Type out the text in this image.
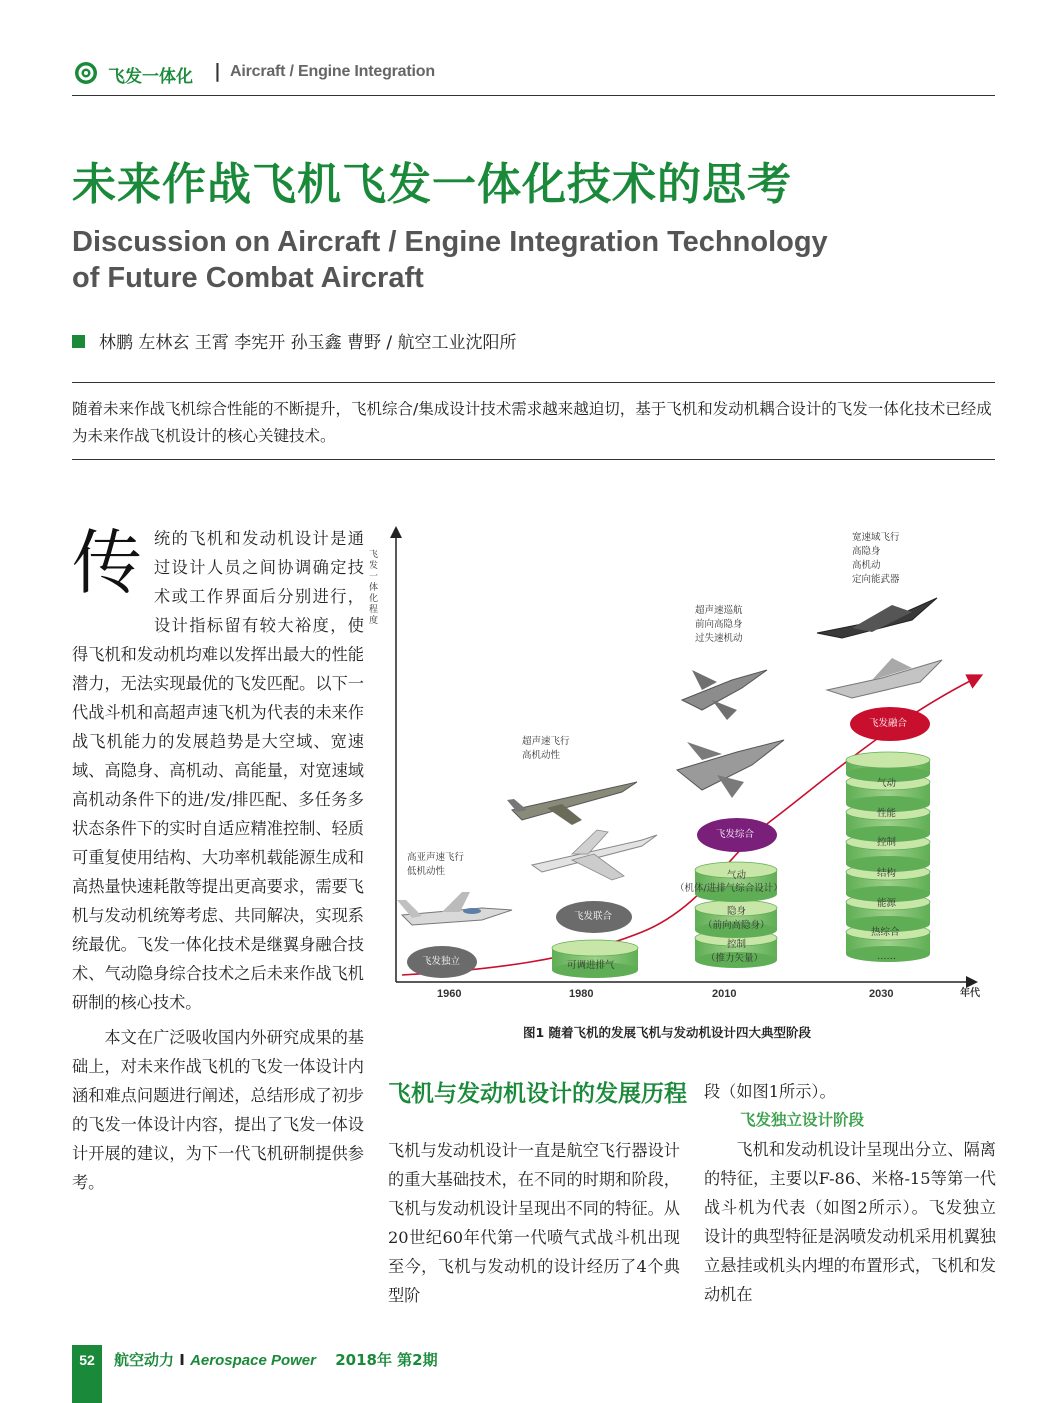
飞发一体化 | Aircraft / Engine Integration
未来作战飞机飞发一体化技术的思考
Discussion on Aircraft / Engine Integration Technology
of Future Combat Aircraft
林鹏 左林玄 王霄 李宪开 孙玉鑫 曹野 / 航空工业沈阳所
随着未来作战飞机综合性能的不断提升，飞机综合/集成设计技术需求越来越迫切，基于飞机和发动机耦合设计的飞发一体化技术已经成为未来作战飞机设计的核心关键技术。

传统的飞机和发动机设计是通过设计人员之间协调确定技术或工作界面后分别进行，设计指标留有较大裕度，使得飞机和发动机均难以发挥出最大的性能潜力，无法实现最优的飞发匹配。以下一代战斗机和高超声速飞机为代表的未来作战飞机能力的发展趋势是大空域、宽速域、高隐身、高机动、高能量，对宽速域高机动条件下的进/发/排匹配、多任务多状态条件下的实时自适应精准控制、轻质可重复使用结构、大功率机载能源生成和高热量快速耗散等提出更高要求，需要飞机与发动机统筹考虑、共同解决，实现系统最优。飞发一体化技术是继翼身融合技术、气动隐身综合技术之后未来作战飞机研制的核心技术。

本文在广泛吸收国内外研究成果的基础上，对未来作战飞机的飞发一体设计内涵和难点问题进行阐述，总结形成了初步的飞发一体设计内容，提出了飞发一体设计开展的建议，为下一代飞机研制提供参考。

飞机与发动机设计的发展历程

飞机与发动机设计一直是航空飞行器设计的重大基础技术，在不同的时期和阶段，飞机与发动机设计呈现出不同的特征。从20世纪60年代第一代喷气式战斗机出现至今，飞机与发动机的设计经历了4个典型阶

段（如图1所示）。

飞发独立设计阶段

飞机和发动机设计呈现出分立、隔离的特征，主要以F-86、米格-15等第一代战斗机为代表（如图2所示）。飞发独立设计的典型特征是涡喷发动机采用机翼独立悬挂或机头内埋的布置形式，飞机和发动机在

飞发一体化程度
年代
1960	1980	2010	2030
高亚声速飞行
低机动性
飞发独立
超声速飞行
高机动性
飞发联合
可调进排气
超声速巡航
前向高隐身
过失速机动
飞发综合
气动
（机体/进排气综合设计）
隐身
（前向高隐身）
控制
（推力矢量）
宽速域飞行
高隐身
高机动
定向能武器
飞发融合
气动
性能
控制
结构
能源
热综合
……
图1 随着飞机的发展飞机与发动机设计四大典型阶段
52	航空动力 I Aerospace Power 2018年 第2期
